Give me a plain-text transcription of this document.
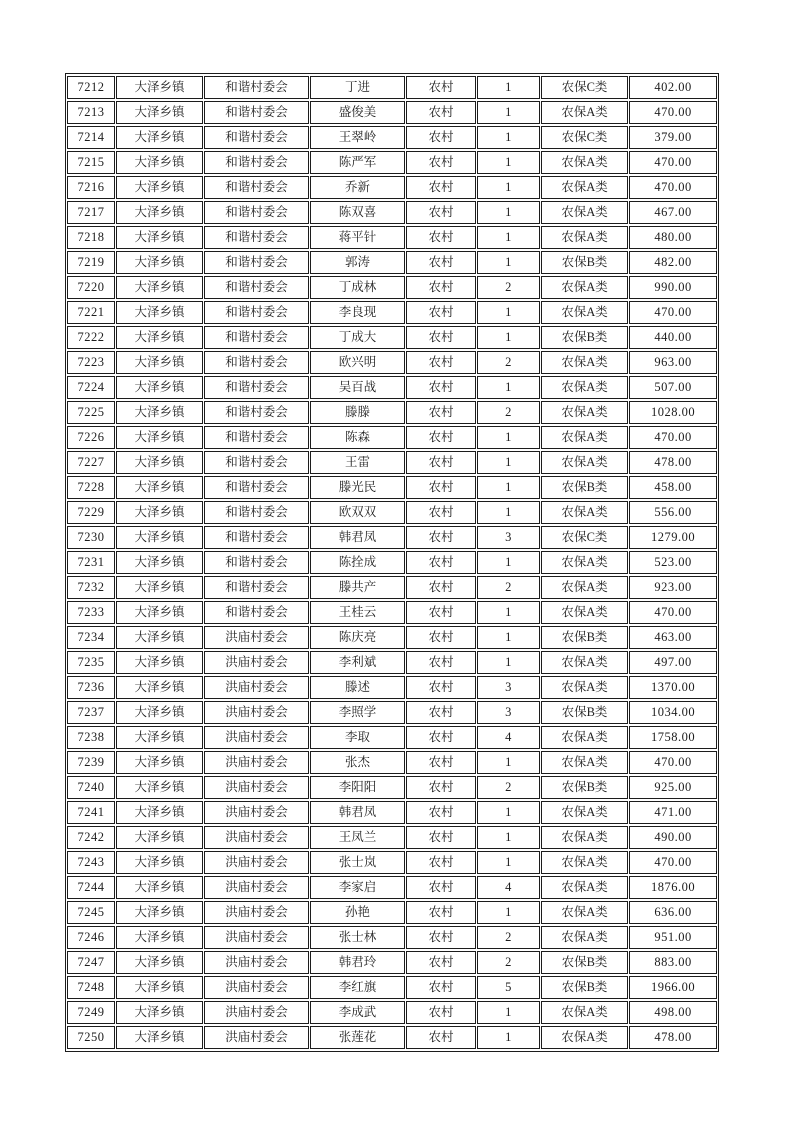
7212	大泽乡镇	和谐村委会	丁进	农村	1	农保C类	402.00
7213	大泽乡镇	和谐村委会	盛俊美	农村	1	农保A类	470.00
7214	大泽乡镇	和谐村委会	王翠岭	农村	1	农保C类	379.00
7215	大泽乡镇	和谐村委会	陈严军	农村	1	农保A类	470.00
7216	大泽乡镇	和谐村委会	乔新	农村	1	农保A类	470.00
7217	大泽乡镇	和谐村委会	陈双喜	农村	1	农保A类	467.00
7218	大泽乡镇	和谐村委会	蒋平针	农村	1	农保A类	480.00
7219	大泽乡镇	和谐村委会	郭涛	农村	1	农保B类	482.00
7220	大泽乡镇	和谐村委会	丁成林	农村	2	农保A类	990.00
7221	大泽乡镇	和谐村委会	李良现	农村	1	农保A类	470.00
7222	大泽乡镇	和谐村委会	丁成大	农村	1	农保B类	440.00
7223	大泽乡镇	和谐村委会	欧兴明	农村	2	农保A类	963.00
7224	大泽乡镇	和谐村委会	吴百战	农村	1	农保A类	507.00
7225	大泽乡镇	和谐村委会	滕滕	农村	2	农保A类	1028.00
7226	大泽乡镇	和谐村委会	陈森	农村	1	农保A类	470.00
7227	大泽乡镇	和谐村委会	王雷	农村	1	农保A类	478.00
7228	大泽乡镇	和谐村委会	滕光民	农村	1	农保B类	458.00
7229	大泽乡镇	和谐村委会	欧双双	农村	1	农保A类	556.00
7230	大泽乡镇	和谐村委会	韩君凤	农村	3	农保C类	1279.00
7231	大泽乡镇	和谐村委会	陈拴成	农村	1	农保A类	523.00
7232	大泽乡镇	和谐村委会	滕共产	农村	2	农保A类	923.00
7233	大泽乡镇	和谐村委会	王桂云	农村	1	农保A类	470.00
7234	大泽乡镇	洪庙村委会	陈庆亮	农村	1	农保B类	463.00
7235	大泽乡镇	洪庙村委会	李利斌	农村	1	农保A类	497.00
7236	大泽乡镇	洪庙村委会	滕述	农村	3	农保A类	1370.00
7237	大泽乡镇	洪庙村委会	李照学	农村	3	农保B类	1034.00
7238	大泽乡镇	洪庙村委会	李取	农村	4	农保A类	1758.00
7239	大泽乡镇	洪庙村委会	张杰	农村	1	农保A类	470.00
7240	大泽乡镇	洪庙村委会	李阳阳	农村	2	农保B类	925.00
7241	大泽乡镇	洪庙村委会	韩君凤	农村	1	农保A类	471.00
7242	大泽乡镇	洪庙村委会	王凤兰	农村	1	农保A类	490.00
7243	大泽乡镇	洪庙村委会	张士岚	农村	1	农保A类	470.00
7244	大泽乡镇	洪庙村委会	李家启	农村	4	农保A类	1876.00
7245	大泽乡镇	洪庙村委会	孙艳	农村	1	农保A类	636.00
7246	大泽乡镇	洪庙村委会	张士林	农村	2	农保A类	951.00
7247	大泽乡镇	洪庙村委会	韩君玲	农村	2	农保B类	883.00
7248	大泽乡镇	洪庙村委会	李红旗	农村	5	农保B类	1966.00
7249	大泽乡镇	洪庙村委会	李成武	农村	1	农保A类	498.00
7250	大泽乡镇	洪庙村委会	张莲花	农村	1	农保A类	478.00
